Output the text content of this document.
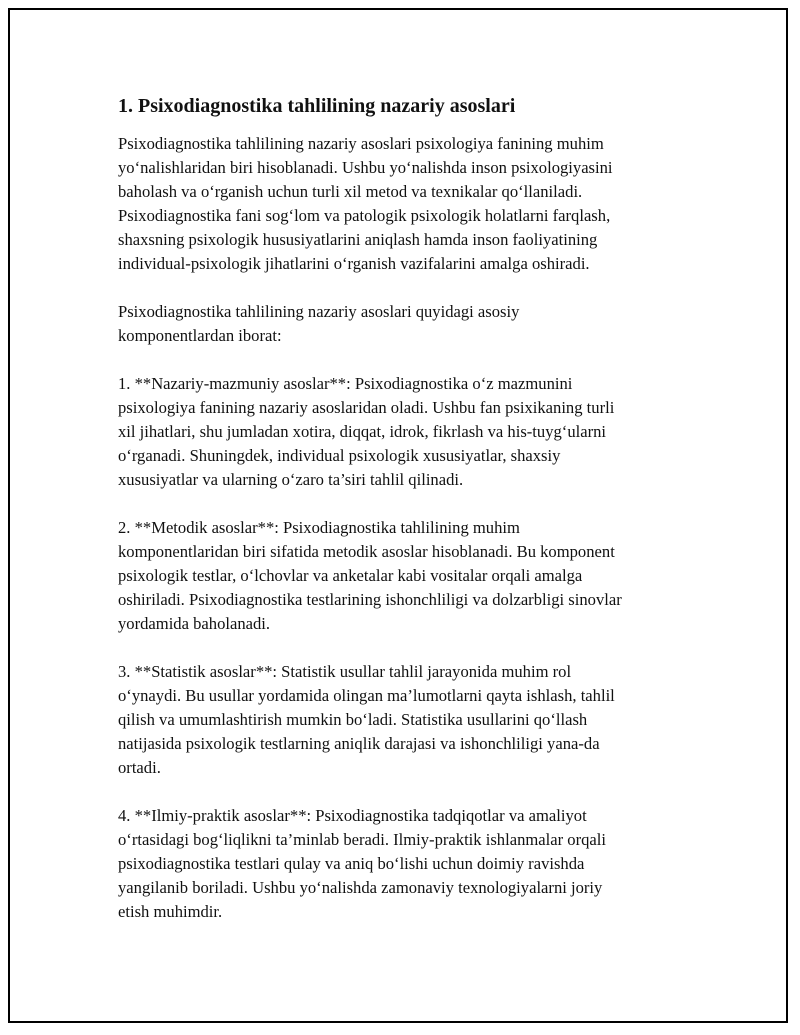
1. Psixodiagnostika tahlilining nazariy asoslari
Psixodiagnostika tahlilining nazariy asoslari psixologiya fanining muhim
yo‘nalishlaridan biri hisoblanadi. Ushbu yo‘nalishda inson psixologiyasini
baholash va o‘rganish uchun turli xil metod va texnikalar qo‘llaniladi.
Psixodiagnostika fani sog‘lom va patologik psixologik holatlarni farqlash,
shaxsning psixologik hususiyatlarini aniqlash hamda inson faoliyatining
individual-psixologik jihatlarini o‘rganish vazifalarini amalga oshiradi.
Psixodiagnostika tahlilining nazariy asoslari quyidagi asosiy
komponentlardan iborat:
1. **Nazariy-mazmuniy asoslar**: Psixodiagnostika o‘z mazmunini
psixologiya fanining nazariy asoslaridan oladi. Ushbu fan psixikaning turli
xil jihatlari, shu jumladan xotira, diqqat, idrok, fikrlash va his-tuyg‘ularni
o‘rganadi. Shuningdek, individual psixologik xususiyatlar, shaxsiy
xususiyatlar va ularning o‘zaro ta’siri tahlil qilinadi.
2. **Metodik asoslar**: Psixodiagnostika tahlilining muhim
komponentlaridan biri sifatida metodik asoslar hisoblanadi. Bu komponent
psixologik testlar, o‘lchovlar va anketalar kabi vositalar orqali amalga
oshiriladi. Psixodiagnostika testlarining ishonchliligi va dolzarbligi sinovlar
yordamida baholanadi.
3. **Statistik asoslar**: Statistik usullar tahlil jarayonida muhim rol
o‘ynaydi. Bu usullar yordamida olingan ma’lumotlarni qayta ishlash, tahlil
qilish va umumlashtirish mumkin bo‘ladi. Statistika usullarini qo‘llash
natijasida psixologik testlarning aniqlik darajasi va ishonchliligi yana-da
ortadi.
4. **Ilmiy-praktik asoslar**: Psixodiagnostika tadqiqotlar va amaliyot
o‘rtasidagi bog‘liqlikni ta’minlab beradi. Ilmiy-praktik ishlanmalar orqali
psixodiagnostika testlari qulay va aniq bo‘lishi uchun doimiy ravishda
yangilanib boriladi. Ushbu yo‘nalishda zamonaviy texnologiyalarni joriy
etish muhimdir.
